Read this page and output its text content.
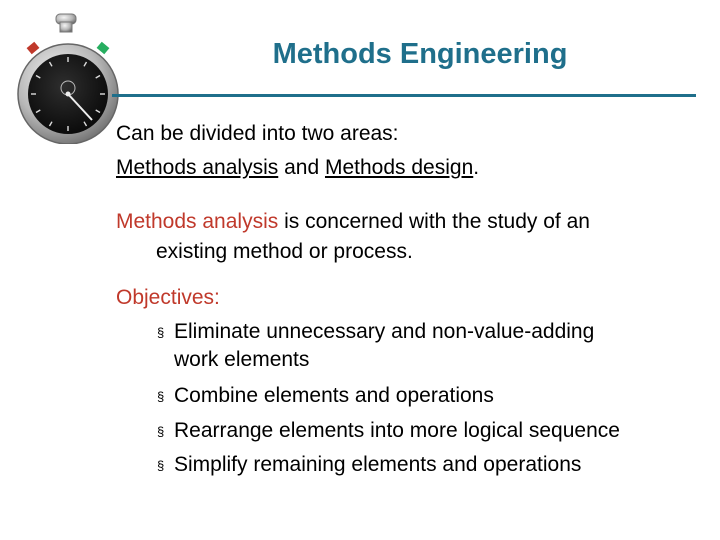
Methods Engineering
Can be divided into two areas:
Methods analysis and Methods design.
Methods analysis is concerned with the study of an
existing method or process.
Objectives:
§ Eliminate unnecessary and non-value-adding
work elements
§ Combine elements and operations
§ Rearrange elements into more logical sequence
§ Simplify remaining elements and operations
